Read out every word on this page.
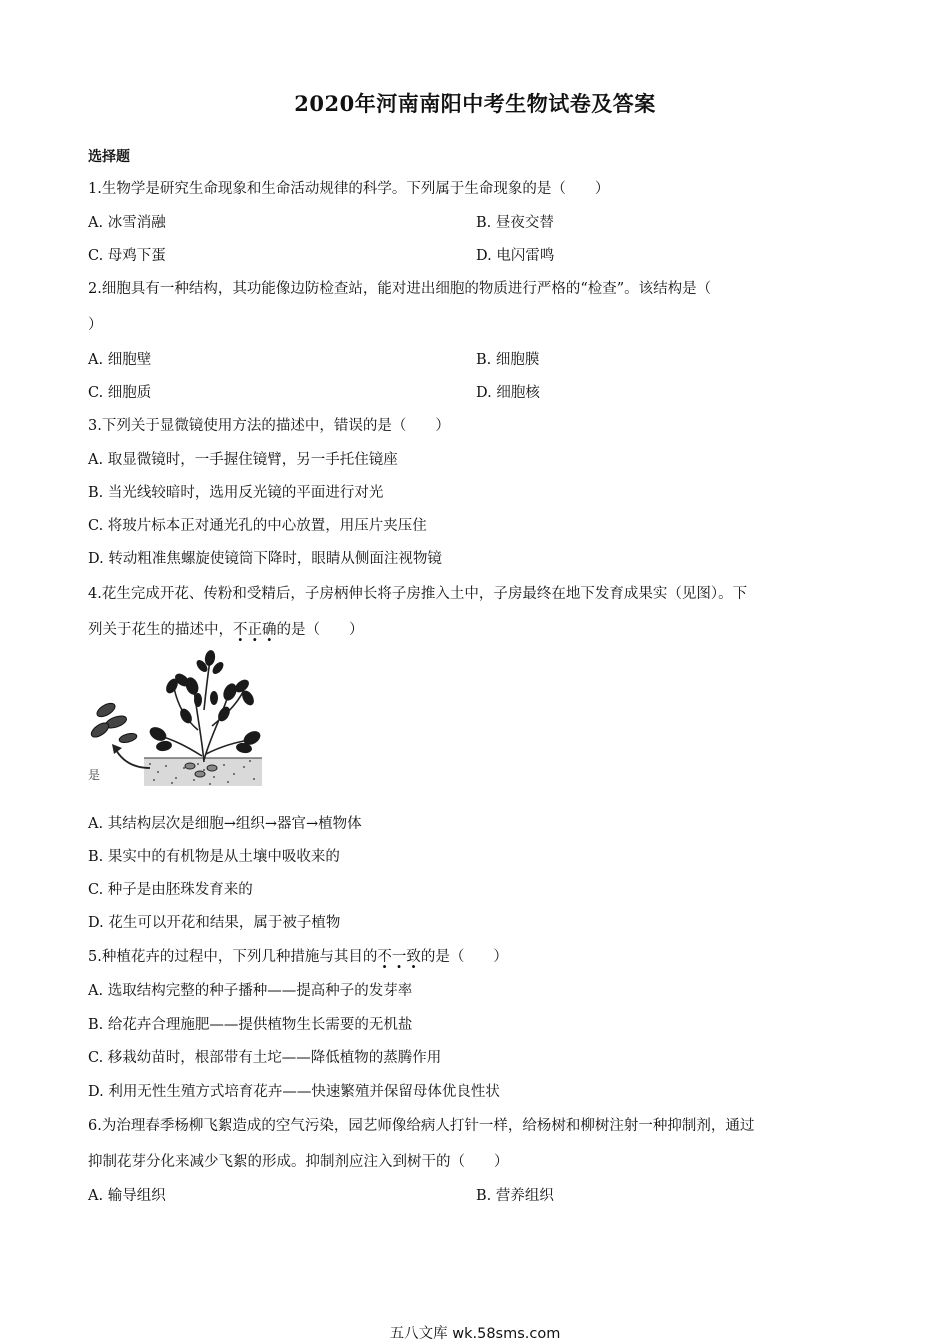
2020年河南南阳中考生物试卷及答案
选择题
1.生物学是研究生命现象和生命活动规律的科学。下列属于生命现象的是（　　）
A. 冰雪消融	B. 昼夜交替
C. 母鸡下蛋	D. 电闪雷鸣
2.细胞具有一种结构，其功能像边防检查站，能对进出细胞的物质进行严格的“检查”。该结构是（
）
A. 细胞壁	B. 细胞膜
C. 细胞质	D. 细胞核
3.下列关于显微镜使用方法的描述中，错误的是（　　）
A. 取显微镜时，一手握住镜臂，另一手托住镜座
B. 当光线较暗时，选用反光镜的平面进行对光
C. 将玻片标本正对通光孔的中心放置，用压片夹压住
D. 转动粗准焦螺旋使镜筒下降时，眼睛从侧面注视物镜
4.花生完成开花、传粉和受精后，子房柄伸长将子房推入土中，子房最终在地下发育成果实（见图）。下
列关于花生的描述中，不正确的是（　　）
是
A. 其结构层次是细胞→组织→器官→植物体
B. 果实中的有机物是从土壤中吸收来的
C. 种子是由胚珠发育来的
D. 花生可以开花和结果，属于被子植物
5.种植花卉的过程中，下列几种措施与其目的不一致的是（　　）
A. 选取结构完整的种子播种——提高种子的发芽率
B. 给花卉合理施肥——提供植物生长需要的无机盐
C. 移栽幼苗时，根部带有土坨——降低植物的蒸腾作用
D. 利用无性生殖方式培育花卉——快速繁殖并保留母体优良性状
6.为治理春季杨柳飞絮造成的空气污染，园艺师像给病人打针一样，给杨树和柳树注射一种抑制剂，通过
抑制花芽分化来减少飞絮的形成。抑制剂应注入到树干的（　　）
A. 输导组织	B. 营养组织
五八文库 wk.58sms.com
